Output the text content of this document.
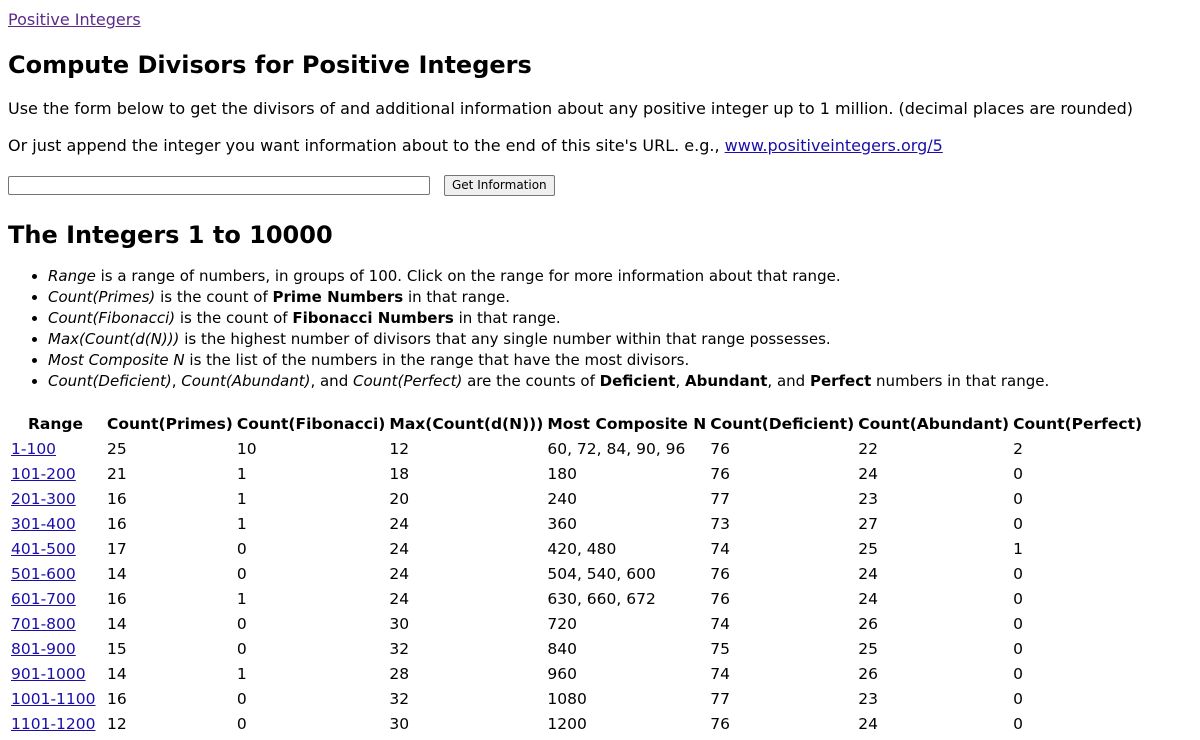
Positive Integers
Compute Divisors for Positive Integers

Use the form below to get the divisors of and additional information about any positive integer up to 1 million. (decimal places are rounded)

Or just append the integer you want information about to the end of this site's URL. e.g., www.positiveintegers.org/5

Get Information
The Integers 1 to 10000
• Range is a range of numbers, in groups of 100. Click on the range for more information about that range.
• Count(Primes) is the count of Prime Numbers in that range.
• Count(Fibonacci) is the count of Fibonacci Numbers in that range.
• Max(Count(d(N))) is the highest number of divisors that any single number within that range possesses.
• Most Composite N is the list of the numbers in the range that have the most divisors.
• Count(Deficient), Count(Abundant), and Count(Perfect) are the counts of Deficient, Abundant, and Perfect numbers in that range.
Range	Count(Primes)	Count(Fibonacci)	Max(Count(d(N)))	Most Composite N	Count(Deficient)	Count(Abundant)	Count(Perfect)
1-100	25	10	12	60, 72, 84, 90, 96	76	22	2
101-200	21	1	18	180	76	24	0
201-300	16	1	20	240	77	23	0
301-400	16	1	24	360	73	27	0
401-500	17	0	24	420, 480	74	25	1
501-600	14	0	24	504, 540, 600	76	24	0
601-700	16	1	24	630, 660, 672	76	24	0
701-800	14	0	30	720	74	26	0
801-900	15	0	32	840	75	25	0
901-1000	14	1	28	960	74	26	0
1001-1100	16	0	32	1080	77	23	0
1101-1200	12	0	30	1200	76	24	0
